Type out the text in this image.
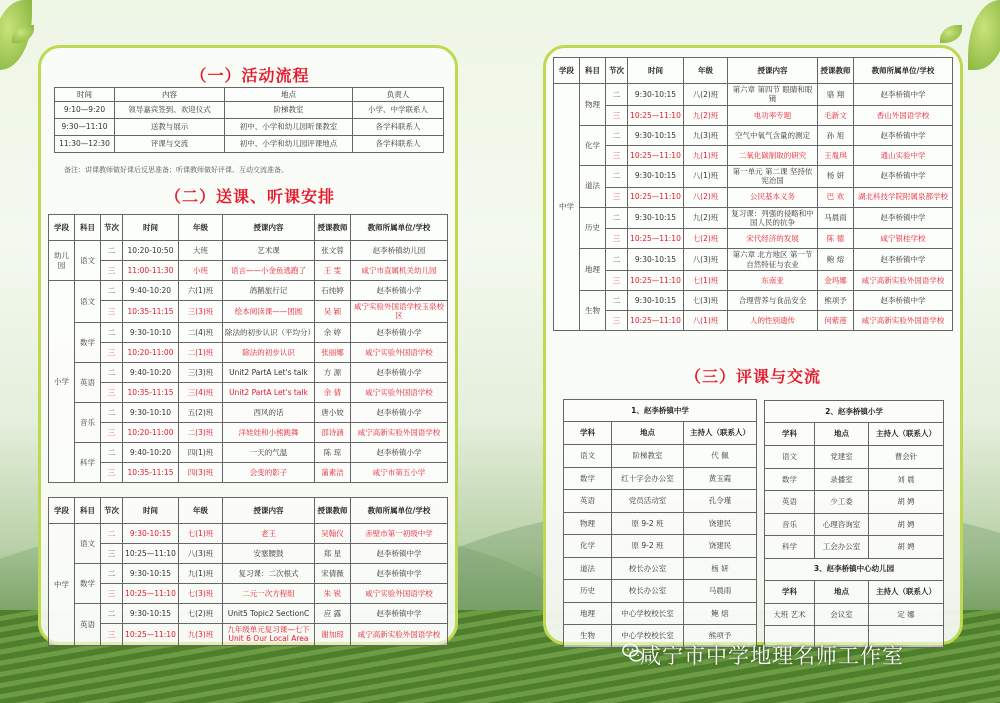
（一）活动流程
时间	内容	地点	负责人
9:10—9:20	领导嘉宾签到、欢迎仪式	阶梯教室	小学、中学联系人
9:30—11:10	送教与展示	初中、小学和幼儿园听课教室	各学科联系人
11:30—12:30	评课与交流	初中、小学和幼儿园评课地点	各学科联系人
备注：讲课教师做好课后反思准备；听课教师做好评课、互动交流准备。
（二）送课、听课安排
学段	科目	节次	时间	年级	授课内容	授课教师	教师所属单位/学校
幼儿园	语文	二	10:20-10:50	大班	艺术课	张文蓉	赵李桥镇幼儿园
		三	11:00-11:30	小班	语言——小金鱼逃跑了	王 雯	咸宁市直属机关幼儿园
小学	语文	二	9:40-10:20	六(1)班	鸽鹅旅行记	石纯婷	赵李桥镇小学
		三	10:35-11:15	三(3)班	绘本阅读课——团圆	吴 颖	咸宁实验外国语学校玉泉校区
	数学	二	9:30-10:10	二(4)班	除法的初步认识（平均分）	余 婷	赵李桥镇小学
		三	10:20-11:00	二(1)班	除法的初步认识	张丽娜	咸宁实验外国语学校
	英语	二	9:40-10:20	三(3)班	Unit2 PartA Let's talk	方 源	赵李桥镇小学
		三	10:35-11:15	三(4)班	Unit2 PartA Let's talk	余 倩	咸宁实验外国语学校
	音乐	二	9:30-10:10	五(2)班	西风的话	唐小姣	赵李桥镇小学
		三	10:20-11:00	二(3)班	洋娃娃和小熊跳舞	邵诗涵	咸宁高新实验外国语学校
	科学	二	9:40-10:20	四(1)班	一天的气温	陈 琼	赵李桥镇小学
		三	10:35-11:15	四(3)班	会变的影子	蒲素洁	咸宁市第五小学
学段	科目	节次	时间	年级	授课内容	授课教师	教师所属单位/学校
中学	语文	二	9:30-10:15	七(1)班	老王	吴翰仪	赤壁市第一初级中学
		三	10:25—11:10	八(3)班	安塞腰鼓	郑 星	赵李桥镇中学
	数学	二	9:30-10:15	九(1)班	复习课：二次根式	宋倩薇	赵李桥镇中学
		三	10:25—11:10	七(3)班	二元一次方程组	朱 锐	咸宁实验外国语学校
	英语	二	9:30-10:15	七(2)班	Unit5 Topic2 SectionC	应 露	赵李桥镇中学
		三	10:25—11:10	九(3)班	九年级单元复习课—七下 Unit 6 Our Local Area	谢加琼	咸宁高新实验外国语学校
学段	科目	节次	时间	年级	授课内容	授课教师	教师所属单位/学校
中学	物理	二	9:30-10:15	八(2)班	第六章 第四节 眼睛和眼镜	骆 翔	赵李桥镇中学
		三	10:25—11:10	九(2)班	电功率专题	毛新文	香山外国语学校
	化学	二	9:30-10:15	九(3)班	空气中氧气含量的测定	孙 旭	赵李桥镇中学
		三	10:25—11:10	九(1)班	二氧化碳制取的研究	王胤琪	通山实验中学
	道法	二	9:30-10:15	八(1)班	第一单元 第二课 坚持依宪治国	杨 妍	赵李桥镇中学
		三	10:25—11:10	八(2)班	公民基本义务	巴 欢	湖北科技学院附属泉都学校
	历史	二	9:30-10:15	九(2)班	复习课：列强的侵略和中国人民的抗争	马晨雨	赵李桥镇中学
		三	10:25—11:10	七(2)班	宋代经济的发展	陈 德	咸宁银桂学校
	地理	二	9:30-10:15	八(3)班	第六章 北方地区 第一节 自然特征与农业	鲍 熔	赵李桥镇中学
		三	10:25—11:10	七(1)班	东南亚	金玛娜	咸宁高新实验外国语学校
	生物	二	9:30-10:15	七(3)班	合理营养与食品安全	熊项予	赵李桥镇中学
		三	10:25—11:10	八(1)班	人的性别遗传	何紫莲	咸宁高新实验外国语学校
（三）评课与交流
1、赵李桥镇中学		
学科	地点	主持人（联系人）
语文	阶梯教室	代 佩
数学	红十字会办公室	黄玉霞
英语	党员活动室	孔令瑾
物理	原 9-2 班	饶建民
化学	原 9-2 班	饶建民
道法	校长办公室	杨 妍
历史	校长办公室	马晨雨
地理	中心学校校长室	鲍 熔
生物	中心学校校长室	熊项予
2、赵李桥镇小学		
学科	地点	主持人（联系人）
语文	党建室	曹会针
数学	录播室	刘 晨
英语	少工委	胡 娉
音乐	心理咨询室	胡 娉
科学	工会办公室	胡 娉
3、赵李桥镇中心幼儿园		
学科	地点	主持人（联系人）
大班 艺术	会议室	定 娜

咸宁市中学地理名师工作室
